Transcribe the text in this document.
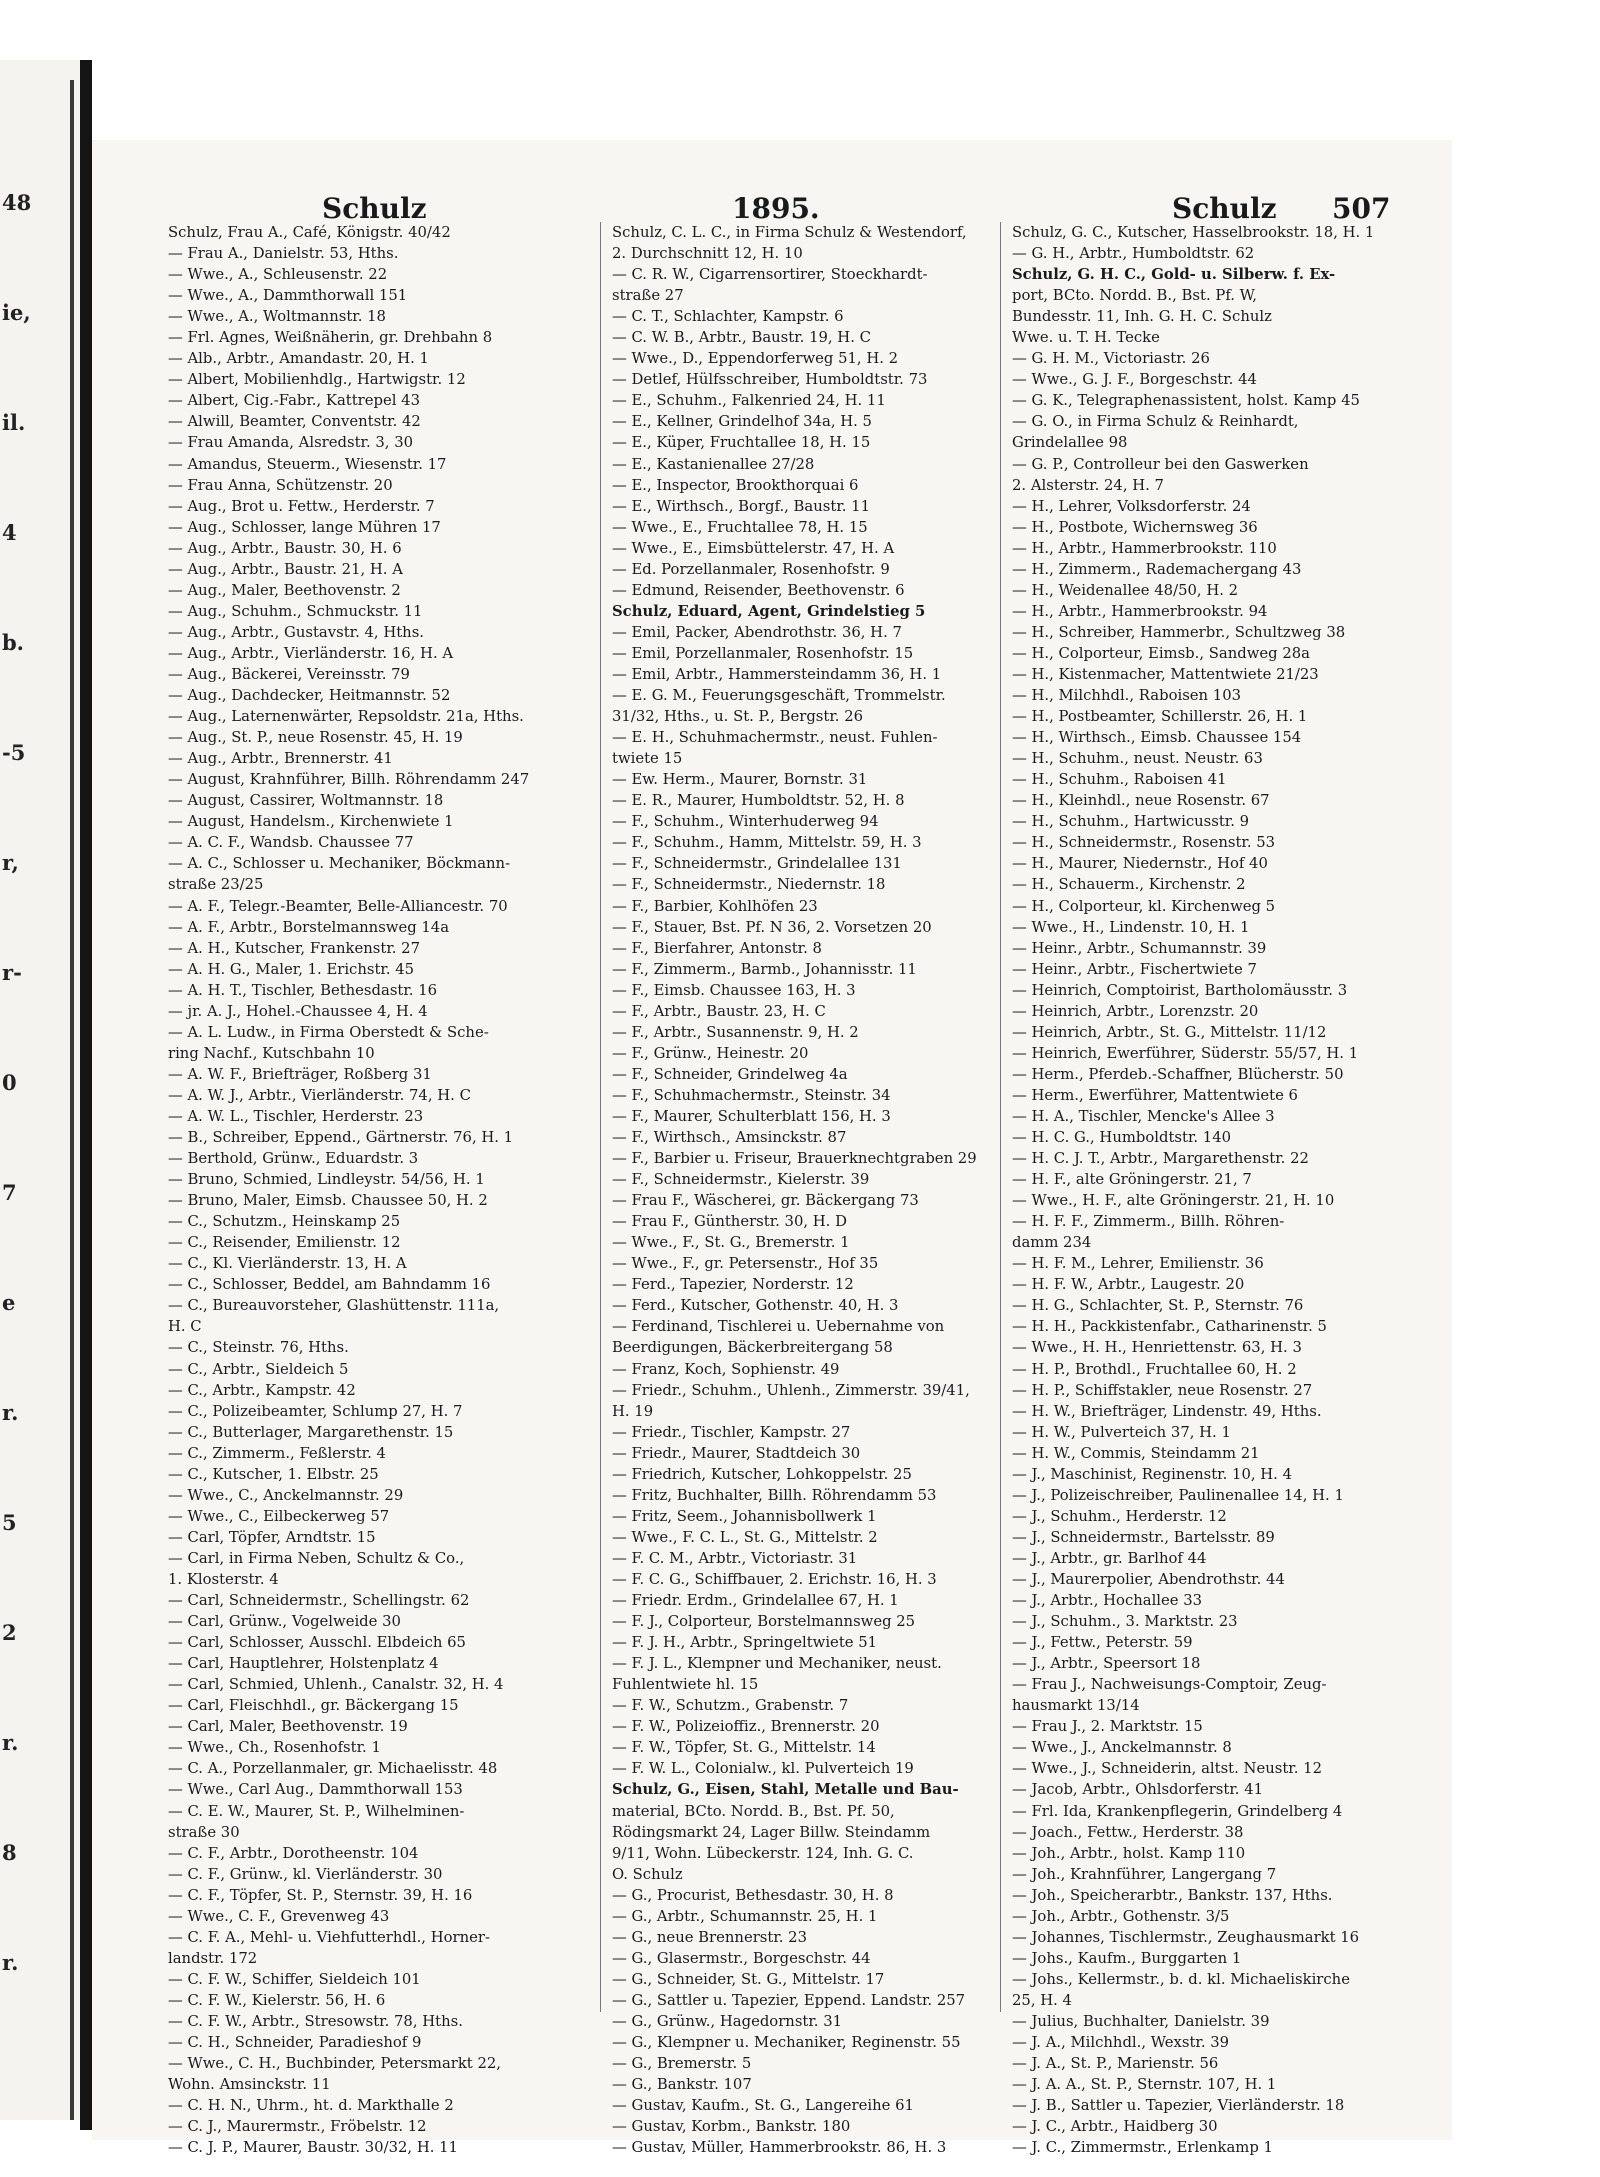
48
ie,
il.
4
b.
-5
r,
r-
0
7
e
r.
5
2
r.
8
r.
Schulz	1895.	Schulz 507
Schulz, Frau A., Café, Königstr. 40/42
— Frau A., Danielstr. 53, Hths.
— Wwe., A., Schleusenstr. 22
— Wwe., A., Dammthorwall 151
— Wwe., A., Woltmannstr. 18
— Frl. Agnes, Weißnäherin, gr. Drehbahn 8
— Alb., Arbtr., Amandastr. 20, H. 1
— Albert, Mobilienhdlg., Hartwigstr. 12
— Albert, Cig.-Fabr., Kattrepel 43
— Alwill, Beamter, Conventstr. 42
— Frau Amanda, Alsredstr. 3, 30
— Amandus, Steuerm., Wiesenstr. 17
— Frau Anna, Schützenstr. 20
— Aug., Brot u. Fettw., Herderstr. 7
— Aug., Schlosser, lange Mühren 17
— Aug., Arbtr., Baustr. 30, H. 6
— Aug., Arbtr., Baustr. 21, H. A
— Aug., Maler, Beethovenstr. 2
— Aug., Schuhm., Schmuckstr. 11
— Aug., Arbtr., Gustavstr. 4, Hths.
— Aug., Arbtr., Vierländerstr. 16, H. A
— Aug., Bäckerei, Vereinsstr. 79
— Aug., Dachdecker, Heitmannstr. 52
— Aug., Laternenwärter, Repsoldstr. 21a, Hths.
— Aug., St. P., neue Rosenstr. 45, H. 19
— Aug., Arbtr., Brennerstr. 41
— August, Krahnführer, Billh. Röhrendamm 247
— August, Cassirer, Woltmannstr. 18
— August, Handelsm., Kirchenwiete 1
— A. C. F., Wandsb. Chaussee 77
— A. C., Schlosser u. Mechaniker, Böckmann-
straße 23/25
— A. F., Telegr.-Beamter, Belle-Alliancestr. 70
— A. F., Arbtr., Borstelmannsweg 14a
— A. H., Kutscher, Frankenstr. 27
— A. H. G., Maler, 1. Erichstr. 45
— A. H. T., Tischler, Bethesdastr. 16
— jr. A. J., Hohel.-Chaussee 4, H. 4
— A. L. Ludw., in Firma Oberstedt & Sche-
ring Nachf., Kutschbahn 10
— A. W. F., Briefträger, Roßberg 31
— A. W. J., Arbtr., Vierländerstr. 74, H. C
— A. W. L., Tischler, Herderstr. 23
— B., Schreiber, Eppend., Gärtnerstr. 76, H. 1
— Berthold, Grünw., Eduardstr. 3
— Bruno, Schmied, Lindleystr. 54/56, H. 1
— Bruno, Maler, Eimsb. Chaussee 50, H. 2
— C., Schutzm., Heinskamp 25
— C., Reisender, Emilienstr. 12
— C., Kl. Vierländerstr. 13, H. A
— C., Schlosser, Beddel, am Bahndamm 16
— C., Bureauvorsteher, Glashüttenstr. 111a,
H. C
— C., Steinstr. 76, Hths.
— C., Arbtr., Sieldeich 5
— C., Arbtr., Kampstr. 42
— C., Polizeibeamter, Schlump 27, H. 7
— C., Butterlager, Margarethenstr. 15
— C., Zimmerm., Feßlerstr. 4
— C., Kutscher, 1. Elbstr. 25
— Wwe., C., Anckelmannstr. 29
— Wwe., C., Eilbeckerweg 57
— Carl, Töpfer, Arndtstr. 15
— Carl, in Firma Neben, Schultz & Co.,
1. Klosterstr. 4
— Carl, Schneidermstr., Schellingstr. 62
— Carl, Grünw., Vogelweide 30
— Carl, Schlosser, Ausschl. Elbdeich 65
— Carl, Hauptlehrer, Holstenplatz 4
— Carl, Schmied, Uhlenh., Canalstr. 32, H. 4
— Carl, Fleischhdl., gr. Bäckergang 15
— Carl, Maler, Beethovenstr. 19
— Wwe., Ch., Rosenhofstr. 1
— C. A., Porzellanmaler, gr. Michaelisstr. 48
— Wwe., Carl Aug., Dammthorwall 153
— C. E. W., Maurer, St. P., Wilhelminen-
straße 30
— C. F., Arbtr., Dorotheenstr. 104
— C. F., Grünw., kl. Vierländerstr. 30
— C. F., Töpfer, St. P., Sternstr. 39, H. 16
— Wwe., C. F., Grevenweg 43
— C. F. A., Mehl- u. Viehfutterhdl., Horner-
landstr. 172
— C. F. W., Schiffer, Sieldeich 101
— C. F. W., Kielerstr. 56, H. 6
— C. F. W., Arbtr., Stresowstr. 78, Hths.
— C. H., Schneider, Paradieshof 9
— Wwe., C. H., Buchbinder, Petersmarkt 22,
Wohn. Amsinckstr. 11
— C. H. N., Uhrm., ht. d. Markthalle 2
— C. J., Maurermstr., Fröbelstr. 12
— C. J. P., Maurer, Baustr. 30/32, H. 11
Schulz, C. L. C., in Firma Schulz & Westendorf,
2. Durchschnitt 12, H. 10
— C. R. W., Cigarrensortirer, Stoeckhardt-
straße 27
— C. T., Schlachter, Kampstr. 6
— C. W. B., Arbtr., Baustr. 19, H. C
— Wwe., D., Eppendorferweg 51, H. 2
— Detlef, Hülfsschreiber, Humboldtstr. 73
— E., Schuhm., Falkenried 24, H. 11
— E., Kellner, Grindelhof 34a, H. 5
— E., Küper, Fruchtallee 18, H. 15
— E., Kastanienallee 27/28
— E., Inspector, Brookthorquai 6
— E., Wirthsch., Borgf., Baustr. 11
— Wwe., E., Fruchtallee 78, H. 15
— Wwe., E., Eimsbüttelerstr. 47, H. A
— Ed. Porzellanmaler, Rosenhofstr. 9
— Edmund, Reisender, Beethovenstr. 6
Schulz, Eduard, Agent, Grindelstieg 5
— Emil, Packer, Abendrothstr. 36, H. 7
— Emil, Porzellanmaler, Rosenhofstr. 15
— Emil, Arbtr., Hammersteindamm 36, H. 1
— E. G. M., Feuerungsgeschäft, Trommelstr.
31/32, Hths., u. St. P., Bergstr. 26
— E. H., Schuhmachermstr., neust. Fuhlen-
twiete 15
— Ew. Herm., Maurer, Bornstr. 31
— E. R., Maurer, Humboldtstr. 52, H. 8
— F., Schuhm., Winterhuderweg 94
— F., Schuhm., Hamm, Mittelstr. 59, H. 3
— F., Schneidermstr., Grindelallee 131
— F., Schneidermstr., Niedernstr. 18
— F., Barbier, Kohlhöfen 23
— F., Stauer, Bst. Pf. N 36, 2. Vorsetzen 20
— F., Bierfahrer, Antonstr. 8
— F., Zimmerm., Barmb., Johannisstr. 11
— F., Eimsb. Chaussee 163, H. 3
— F., Arbtr., Baustr. 23, H. C
— F., Arbtr., Susannenstr. 9, H. 2
— F., Grünw., Heinestr. 20
— F., Schneider, Grindelweg 4a
— F., Schuhmachermstr., Steinstr. 34
— F., Maurer, Schulterblatt 156, H. 3
— F., Wirthsch., Amsinckstr. 87
— F., Barbier u. Friseur, Brauerknechtgraben 29
— F., Schneidermstr., Kielerstr. 39
— Frau F., Wäscherei, gr. Bäckergang 73
— Frau F., Güntherstr. 30, H. D
— Wwe., F., St. G., Bremerstr. 1
— Wwe., F., gr. Petersenstr., Hof 35
— Ferd., Tapezier, Norderstr. 12
— Ferd., Kutscher, Gothenstr. 40, H. 3
— Ferdinand, Tischlerei u. Uebernahme von
Beerdigungen, Bäckerbreitergang 58
— Franz, Koch, Sophienstr. 49
— Friedr., Schuhm., Uhlenh., Zimmerstr. 39/41,
H. 19
— Friedr., Tischler, Kampstr. 27
— Friedr., Maurer, Stadtdeich 30
— Friedrich, Kutscher, Lohkoppelstr. 25
— Fritz, Buchhalter, Billh. Röhrendamm 53
— Fritz, Seem., Johannisbollwerk 1
— Wwe., F. C. L., St. G., Mittelstr. 2
— F. C. M., Arbtr., Victoriastr. 31
— F. C. G., Schiffbauer, 2. Erichstr. 16, H. 3
— Friedr. Erdm., Grindelallee 67, H. 1
— F. J., Colporteur, Borstelmannsweg 25
— F. J. H., Arbtr., Springeltwiete 51
— F. J. L., Klempner und Mechaniker, neust.
Fuhlentwiete hl. 15
— F. W., Schutzm., Grabenstr. 7
— F. W., Polizeioffiz., Brennerstr. 20
— F. W., Töpfer, St. G., Mittelstr. 14
— F. W. L., Colonialw., kl. Pulverteich 19
Schulz, G., Eisen, Stahl, Metalle und Bau-
material, BCto. Nordd. B., Bst. Pf. 50,
Rödingsmarkt 24, Lager Billw. Steindamm
9/11, Wohn. Lübeckerstr. 124, Inh. G. C.
O. Schulz
— G., Procurist, Bethesdastr. 30, H. 8
— G., Arbtr., Schumannstr. 25, H. 1
— G., neue Brennerstr. 23
— G., Glasermstr., Borgeschstr. 44
— G., Schneider, St. G., Mittelstr. 17
— G., Sattler u. Tapezier, Eppend. Landstr. 257
— G., Grünw., Hagedornstr. 31
— G., Klempner u. Mechaniker, Reginenstr. 55
— G., Bremerstr. 5
— G., Bankstr. 107
— Gustav, Kaufm., St. G., Langereihe 61
— Gustav, Korbm., Bankstr. 180
— Gustav, Müller, Hammerbrookstr. 86, H. 3
Schulz, G. C., Kutscher, Hasselbrookstr. 18, H. 1
— G. H., Arbtr., Humboldtstr. 62
Schulz, G. H. C., Gold- u. Silberw. f. Ex-
port, BCto. Nordd. B., Bst. Pf. W,
Bundesstr. 11, Inh. G. H. C. Schulz
Wwe. u. T. H. Tecke
— G. H. M., Victoriastr. 26
— Wwe., G. J. F., Borgeschstr. 44
— G. K., Telegraphenassistent, holst. Kamp 45
— G. O., in Firma Schulz & Reinhardt,
Grindelallee 98
— G. P., Controlleur bei den Gaswerken
2. Alsterstr. 24, H. 7
— H., Lehrer, Volksdorferstr. 24
— H., Postbote, Wichernsweg 36
— H., Arbtr., Hammerbrookstr. 110
— H., Zimmerm., Rademachergang 43
— H., Weidenallee 48/50, H. 2
— H., Arbtr., Hammerbrookstr. 94
— H., Schreiber, Hammerbr., Schultzweg 38
— H., Colporteur, Eimsb., Sandweg 28a
— H., Kistenmacher, Mattentwiete 21/23
— H., Milchhdl., Raboisen 103
— H., Postbeamter, Schillerstr. 26, H. 1
— H., Wirthsch., Eimsb. Chaussee 154
— H., Schuhm., neust. Neustr. 63
— H., Schuhm., Raboisen 41
— H., Kleinhdl., neue Rosenstr. 67
— H., Schuhm., Hartwicusstr. 9
— H., Schneidermstr., Rosenstr. 53
— H., Maurer, Niedernstr., Hof 40
— H., Schauerm., Kirchenstr. 2
— H., Colporteur, kl. Kirchenweg 5
— Wwe., H., Lindenstr. 10, H. 1
— Heinr., Arbtr., Schumannstr. 39
— Heinr., Arbtr., Fischertwiete 7
— Heinrich, Comptoirist, Bartholomäusstr. 3
— Heinrich, Arbtr., Lorenzstr. 20
— Heinrich, Arbtr., St. G., Mittelstr. 11/12
— Heinrich, Ewerführer, Süderstr. 55/57, H. 1
— Herm., Pferdeb.-Schaffner, Blücherstr. 50
— Herm., Ewerführer, Mattentwiete 6
— H. A., Tischler, Mencke's Allee 3
— H. C. G., Humboldtstr. 140
— H. C. J. T., Arbtr., Margarethenstr. 22
— H. F., alte Gröningerstr. 21, 7
— Wwe., H. F., alte Gröningerstr. 21, H. 10
— H. F. F., Zimmerm., Billh. Röhren-
damm 234
— H. F. M., Lehrer, Emilienstr. 36
— H. F. W., Arbtr., Laugestr. 20
— H. G., Schlachter, St. P., Sternstr. 76
— H. H., Packkistenfabr., Catharinenstr. 5
— Wwe., H. H., Henriettenstr. 63, H. 3
— H. P., Brothdl., Fruchtallee 60, H. 2
— H. P., Schiffstakler, neue Rosenstr. 27
— H. W., Briefträger, Lindenstr. 49, Hths.
— H. W., Pulverteich 37, H. 1
— H. W., Commis, Steindamm 21
— J., Maschinist, Reginenstr. 10, H. 4
— J., Polizeischreiber, Paulinenallee 14, H. 1
— J., Schuhm., Herderstr. 12
— J., Schneidermstr., Bartelsstr. 89
— J., Arbtr., gr. Barlhof 44
— J., Maurerpolier, Abendrothstr. 44
— J., Arbtr., Hochallee 33
— J., Schuhm., 3. Marktstr. 23
— J., Fettw., Peterstr. 59
— J., Arbtr., Speersort 18
— Frau J., Nachweisungs-Comptoir, Zeug-
hausmarkt 13/14
— Frau J., 2. Marktstr. 15
— Wwe., J., Anckelmannstr. 8
— Wwe., J., Schneiderin, altst. Neustr. 12
— Jacob, Arbtr., Ohlsdorferstr. 41
— Frl. Ida, Krankenpflegerin, Grindelberg 4
— Joach., Fettw., Herderstr. 38
— Joh., Arbtr., holst. Kamp 110
— Joh., Krahnführer, Langergang 7
— Joh., Speicherarbtr., Bankstr. 137, Hths.
— Joh., Arbtr., Gothenstr. 3/5
— Johannes, Tischlermstr., Zeughausmarkt 16
— Johs., Kaufm., Burggarten 1
— Johs., Kellermstr., b. d. kl. Michaeliskirche
25, H. 4
— Julius, Buchhalter, Danielstr. 39
— J. A., Milchhdl., Wexstr. 39
— J. A., St. P., Marienstr. 56
— J. A. A., St. P., Sternstr. 107, H. 1
— J. B., Sattler u. Tapezier, Vierländerstr. 18
— J. C., Arbtr., Haidberg 30
— J. C., Zimmermstr., Erlenkamp 1
